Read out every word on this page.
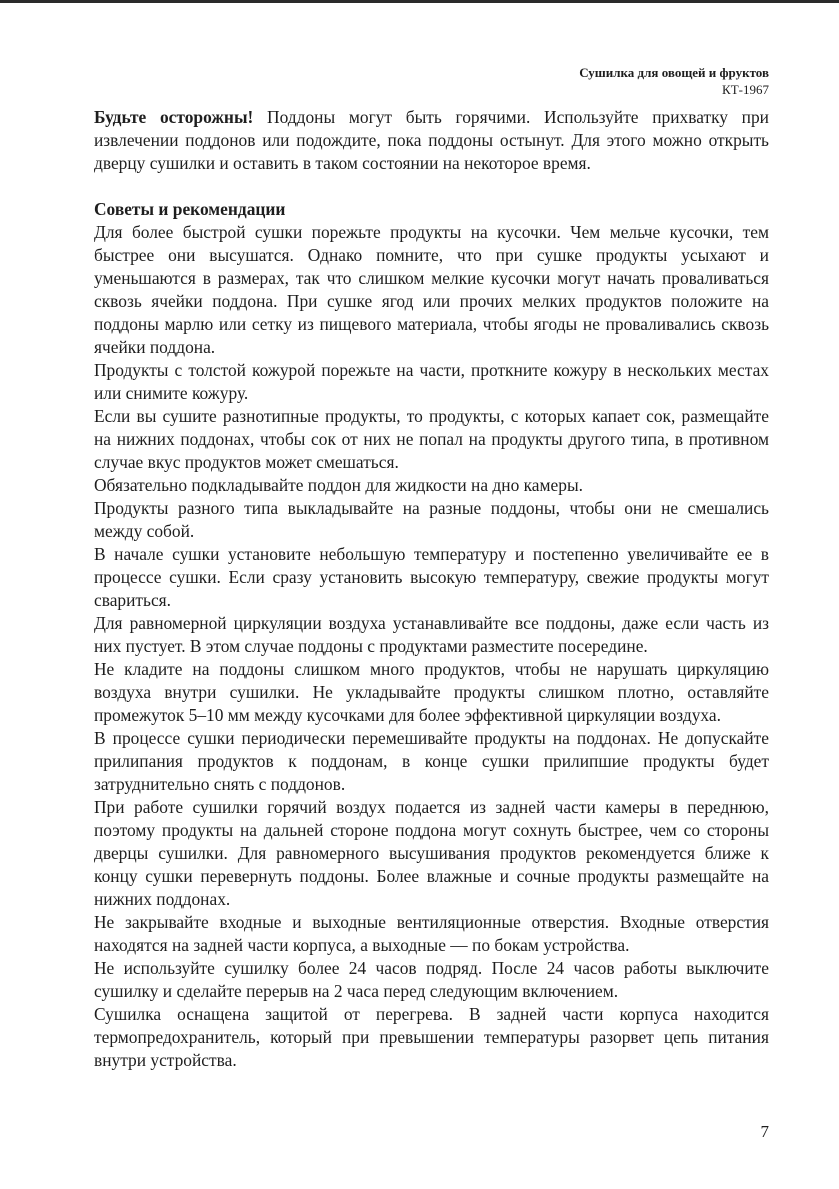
Сушилка для овощей и фруктов
КТ-1967

Будьте осторожны! Поддоны могут быть горячими. Используйте прихватку при извлечении поддонов или подождите, пока поддоны остынут. Для этого можно открыть дверцу сушилки и оставить в таком состоянии на некоторое время.

Советы и рекомендации

Для более быстрой сушки порежьте продукты на кусочки. Чем мельче кусочки, тем быстрее они высушатся. Однако помните, что при сушке продукты усыхают и уменьшаются в размерах, так что слишком мелкие кусочки могут начать проваливаться сквозь ячейки поддона. При сушке ягод или прочих мелких продуктов положите на поддоны марлю или сетку из пищевого материала, чтобы ягоды не проваливались сквозь ячейки поддона.

Продукты с толстой кожурой порежьте на части, проткните кожуру в нескольких местах или снимите кожуру.

Если вы сушите разнотипные продукты, то продукты, с которых капает сок, размещайте на нижних поддонах, чтобы сок от них не попал на продукты другого типа, в противном случае вкус продуктов может смешаться.

Обязательно подкладывайте поддон для жидкости на дно камеры.

Продукты разного типа выкладывайте на разные поддоны, чтобы они не смешались между собой.

В начале сушки установите небольшую температуру и постепенно увеличивайте ее в процессе сушки. Если сразу установить высокую температуру, свежие продукты могут свариться.

Для равномерной циркуляции воздуха устанавливайте все поддоны, даже если часть из них пустует. В этом случае поддоны с продуктами разместите посередине.

Не кладите на поддоны слишком много продуктов, чтобы не нарушать циркуляцию воздуха внутри сушилки. Не укладывайте продукты слишком плотно, оставляйте промежуток 5–10 мм между кусочками для более эффективной циркуляции воздуха.

В процессе сушки периодически перемешивайте продукты на поддонах. Не допускайте прилипания продуктов к поддонам, в конце сушки прилипшие продукты будет затруднительно снять с поддонов.

При работе сушилки горячий воздух подается из задней части камеры в переднюю, поэтому продукты на дальней стороне поддона могут сохнуть быстрее, чем со стороны дверцы сушилки. Для равномерного высушивания продуктов рекомендуется ближе к концу сушки перевернуть поддоны. Более влажные и сочные продукты размещайте на нижних поддонах.

Не закрывайте входные и выходные вентиляционные отверстия. Входные отверстия находятся на задней части корпуса, а выходные — по бокам устройства.

Не используйте сушилку более 24 часов подряд. После 24 часов работы выключите сушилку и сделайте перерыв на 2 часа перед следующим включением.

Сушилка оснащена защитой от перегрева. В задней части корпуса находится термопредохранитель, который при превышении температуры разорвет цепь питания внутри устройства.

7
